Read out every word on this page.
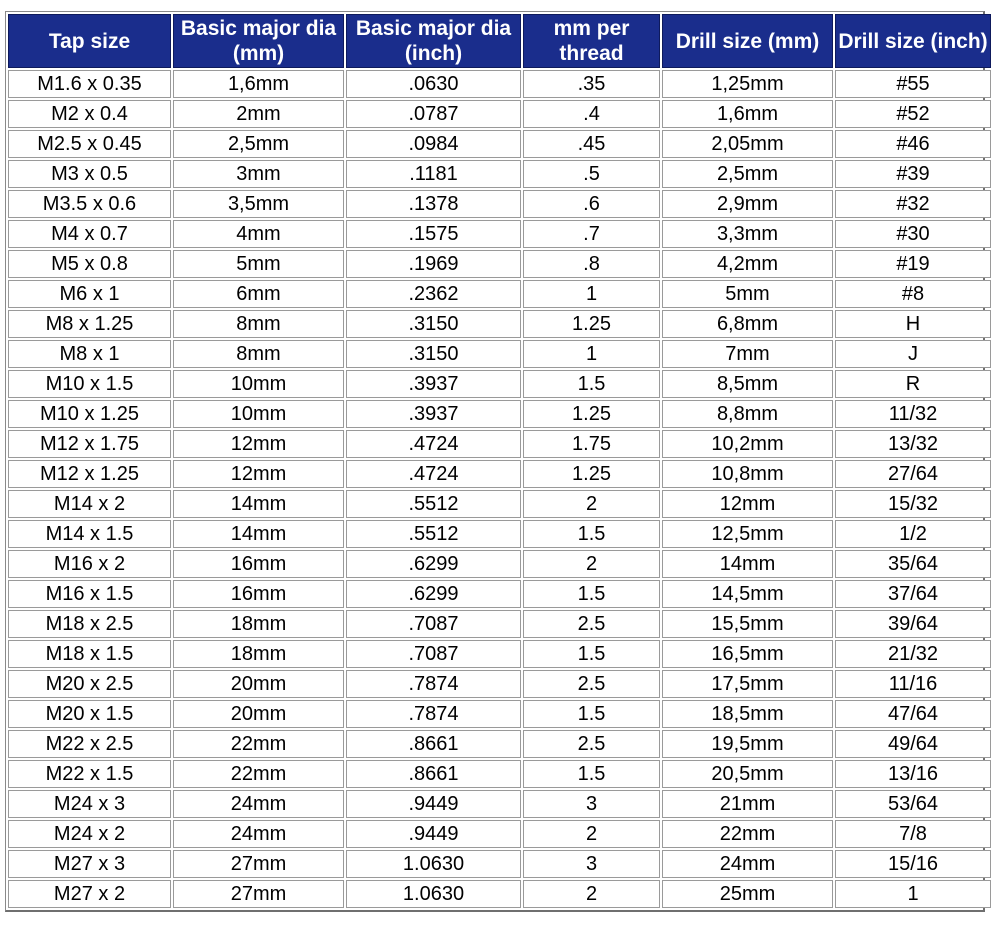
Tap size	Basic major dia (mm)	Basic major dia (inch)	mm per thread	Drill size (mm)	Drill size (inch)
M1.6 x 0.35	1,6mm	.0630	.35	1,25mm	#55
M2 x 0.4	2mm	.0787	.4	1,6mm	#52
M2.5 x 0.45	2,5mm	.0984	.45	2,05mm	#46
M3 x 0.5	3mm	.1181	.5	2,5mm	#39
M3.5 x 0.6	3,5mm	.1378	.6	2,9mm	#32
M4 x 0.7	4mm	.1575	.7	3,3mm	#30
M5 x 0.8	5mm	.1969	.8	4,2mm	#19
M6 x 1	6mm	.2362	1	5mm	#8
M8 x 1.25	8mm	.3150	1.25	6,8mm	H
M8 x 1	8mm	.3150	1	7mm	J
M10 x 1.5	10mm	.3937	1.5	8,5mm	R
M10 x 1.25	10mm	.3937	1.25	8,8mm	11/32
M12 x 1.75	12mm	.4724	1.75	10,2mm	13/32
M12 x 1.25	12mm	.4724	1.25	10,8mm	27/64
M14 x 2	14mm	.5512	2	12mm	15/32
M14 x 1.5	14mm	.5512	1.5	12,5mm	1/2
M16 x 2	16mm	.6299	2	14mm	35/64
M16 x 1.5	16mm	.6299	1.5	14,5mm	37/64
M18 x 2.5	18mm	.7087	2.5	15,5mm	39/64
M18 x 1.5	18mm	.7087	1.5	16,5mm	21/32
M20 x 2.5	20mm	.7874	2.5	17,5mm	11/16
M20 x 1.5	20mm	.7874	1.5	18,5mm	47/64
M22 x 2.5	22mm	.8661	2.5	19,5mm	49/64
M22 x 1.5	22mm	.8661	1.5	20,5mm	13/16
M24 x 3	24mm	.9449	3	21mm	53/64
M24 x 2	24mm	.9449	2	22mm	7/8
M27 x 3	27mm	1.0630	3	24mm	15/16
M27 x 2	27mm	1.0630	2	25mm	1
